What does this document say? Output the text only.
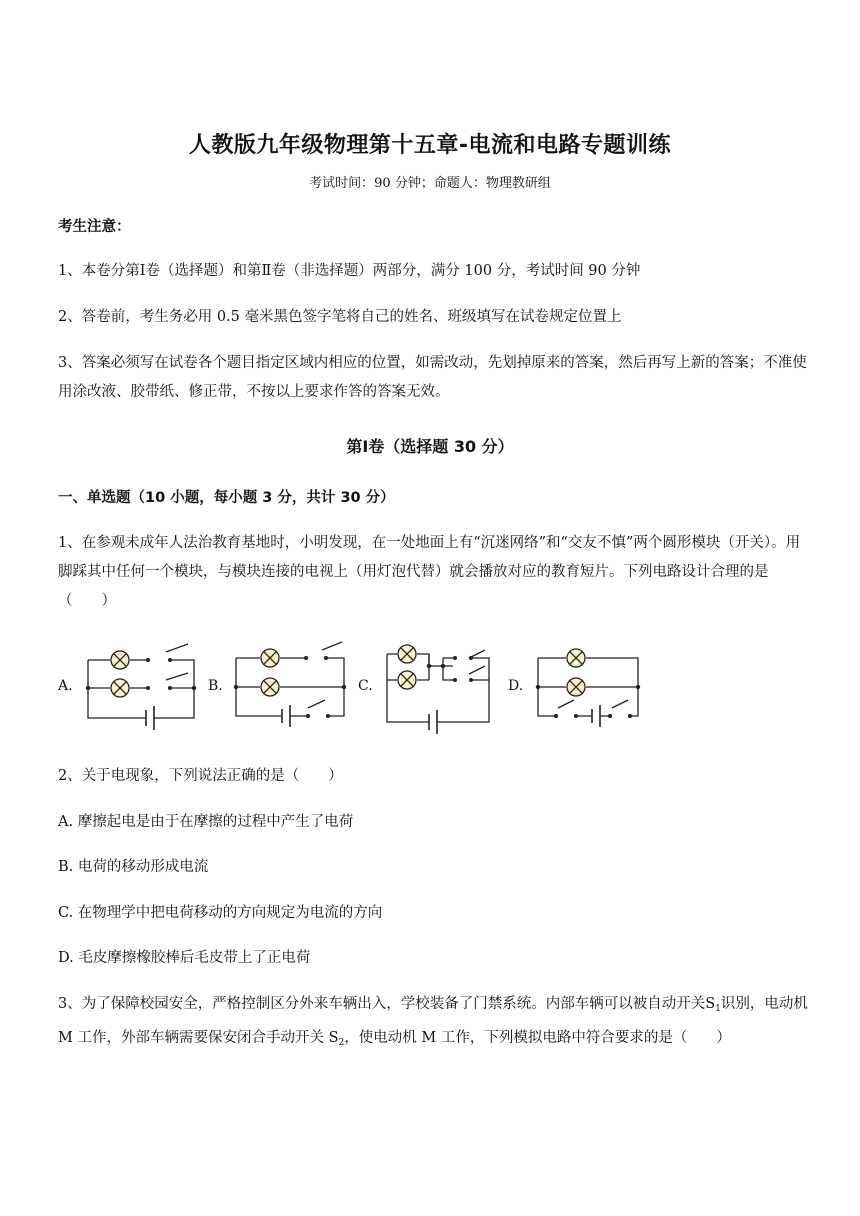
人教版九年级物理第十五章-电流和电路专题训练
考试时间：90 分钟；命题人：物理教研组
考生注意：
1、本卷分第Ⅰ卷（选择题）和第Ⅱ卷（非选择题）两部分，满分 100 分，考试时间 90 分钟
2、答卷前，考生务必用 0.5 毫米黑色签字笔将自己的姓名、班级填写在试卷规定位置上
3、答案必须写在试卷各个题目指定区域内相应的位置，如需改动，先划掉原来的答案，然后再写上新的答案；不准使用涂改液、胶带纸、修正带，不按以上要求作答的答案无效。
第Ⅰ卷（选择题 30 分）
一、单选题（10 小题，每小题 3 分，共计 30 分）
1、在参观未成年人法治教育基地时，小明发现，在一处地面上有“沉迷网络”和“交友不慎”两个圆形模块（开关）。用脚踩其中任何一个模块，与模块连接的电视上（用灯泡代替）就会播放对应的教育短片。下列电路设计合理的是（　　）
A.	B.	C.	D.
2、关于电现象，下列说法正确的是（　　）
A. 摩擦起电是由于在摩擦的过程中产生了电荷
B. 电荷的移动形成电流
C. 在物理学中把电荷移动的方向规定为电流的方向
D. 毛皮摩擦橡胶棒后毛皮带上了正电荷
3、为了保障校园安全，严格控制区分外来车辆出入，学校装备了门禁系统。内部车辆可以被自动开关$S_1$识别，电动机 M 工作，外部车辆需要保安闭合手动开关 $S_2$，使电动机 M 工作，下列模拟电路中符合要求的是（　　）
